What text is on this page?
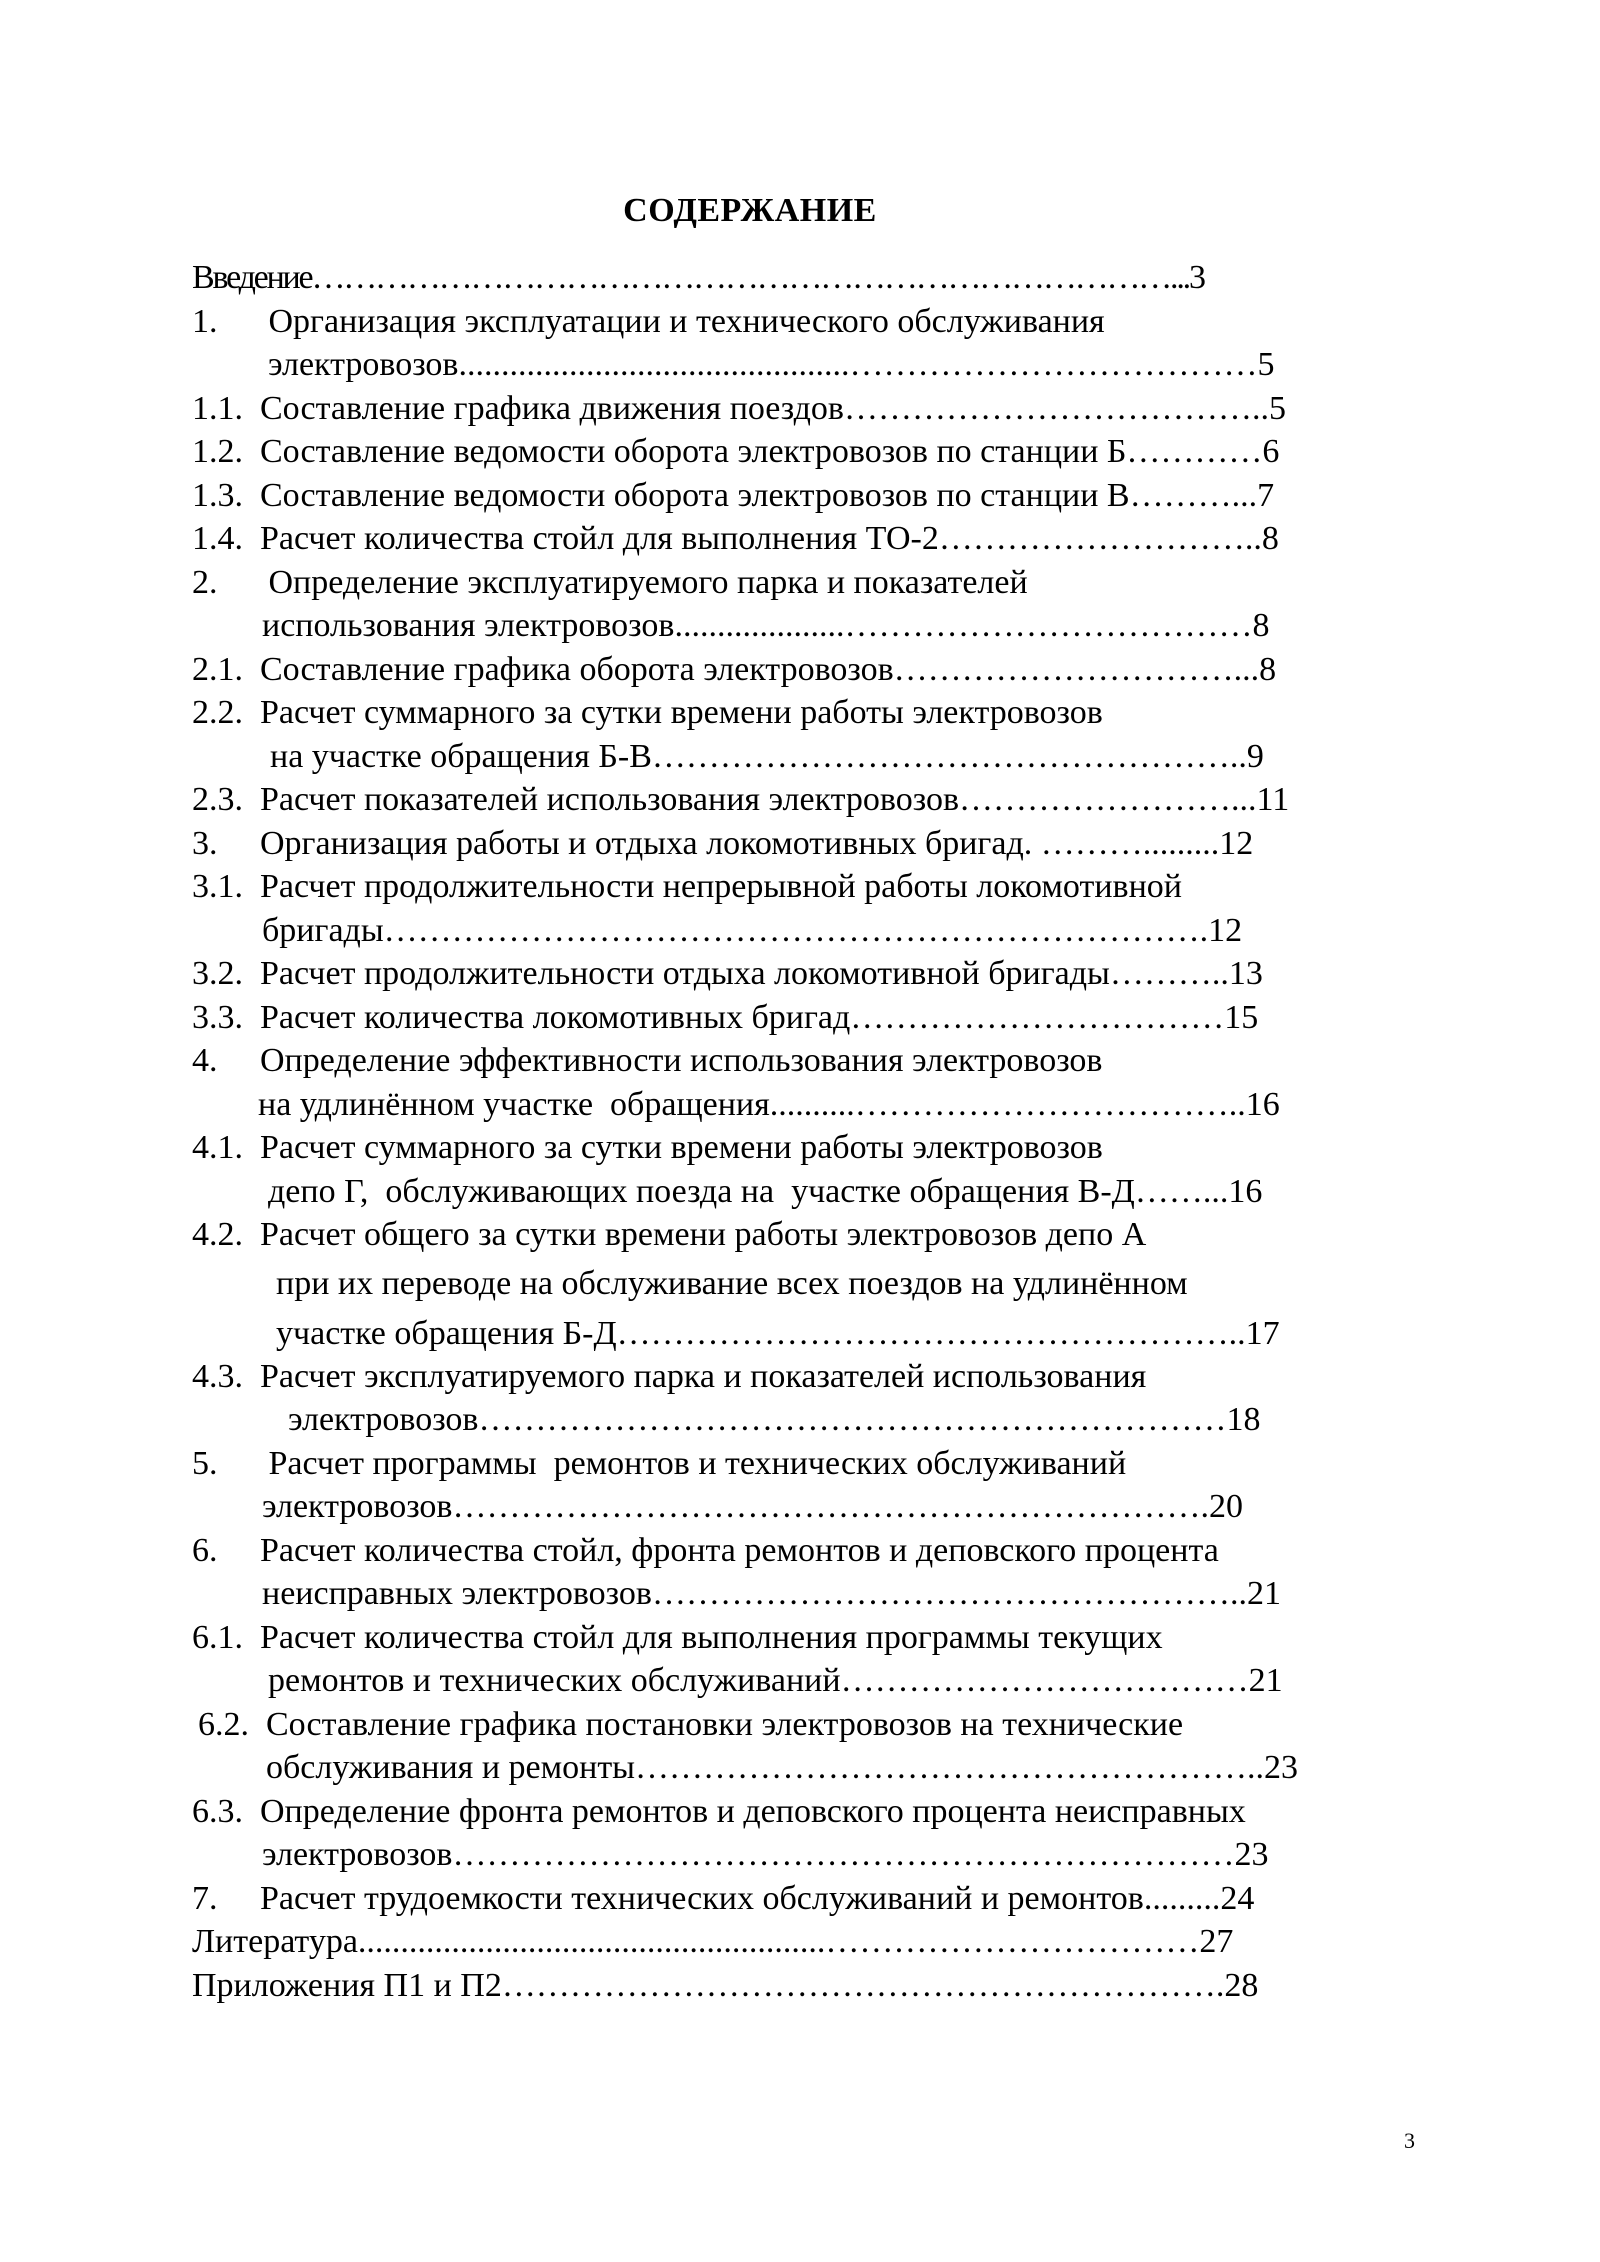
СОДЕРЖАНИЕ

Введение………………………………………………………………………...3

1.      Организация эксплуатации и технического обслуживания

электровозов..............................................………………………………5

1.1.  Составление графика движения поездов………………………………..5

1.2.  Составление ведомости оборота электровозов по станции Б…………6

1.3.  Составление ведомости оборота электровозов по станции В………...7

1.4.  Расчет количества стойл для выполнения ТО-2………………………..8

2.      Определение эксплуатируемого парка и показателей

использования электровозов....................………………………………8

2.1.  Составление графика оборота электровозов…………………………...8

2.2.  Расчет суммарного за сутки времени работы электровозов

на участке обращения Б-В……………………………………………..9

2.3.  Расчет показателей использования электровозов……………………...11

3.     Организация работы и отдыха локомотивных бригад. ……….........12

3.1.  Расчет продолжительности непрерывной работы локомотивной

бригады……………………………………………………………….12

3.2.  Расчет продолжительности отдыха локомотивной бригады………..13

3.3.  Расчет количества локомотивных бригад……………………………15

4.     Определение эффективности использования электровозов

на удлинённом участке  обращения..........……………………………..16

4.1.  Расчет суммарного за сутки времени работы электровозов

депо Г,  обслуживающих поезда на  участке обращения В-Д……...16

4.2.  Расчет общего за сутки времени работы электровозов депо А

при их переводе на обслуживание всех поездов на удлинённом

участке обращения Б-Д………………………………………………..17

4.3.  Расчет эксплуатируемого парка и показателей использования

электровозов…………………………………………………………18

5.      Расчет программы  ремонтов и технических обслуживаний

электровозов………………………………………………………….20

6.     Расчет количества стойл, фронта ремонтов и деповского процента

неисправных электровозов……………………………………………..21

6.1.  Расчет количества стойл для выполнения программы текущих

ремонтов и технических обслуживаний………………………………21

6.2.  Составление графика постановки электровозов на технические

обслуживания и ремонты………………………………………………..23

6.3.  Определение фронта ремонтов и деповского процента неисправных

электровозов……………………………………………………………23

7.     Расчет трудоемкости технических обслуживаний и ремонтов.........24

Литература.......................................................……………………………27

Приложения П1 и П2……………………………………………………….28

3
